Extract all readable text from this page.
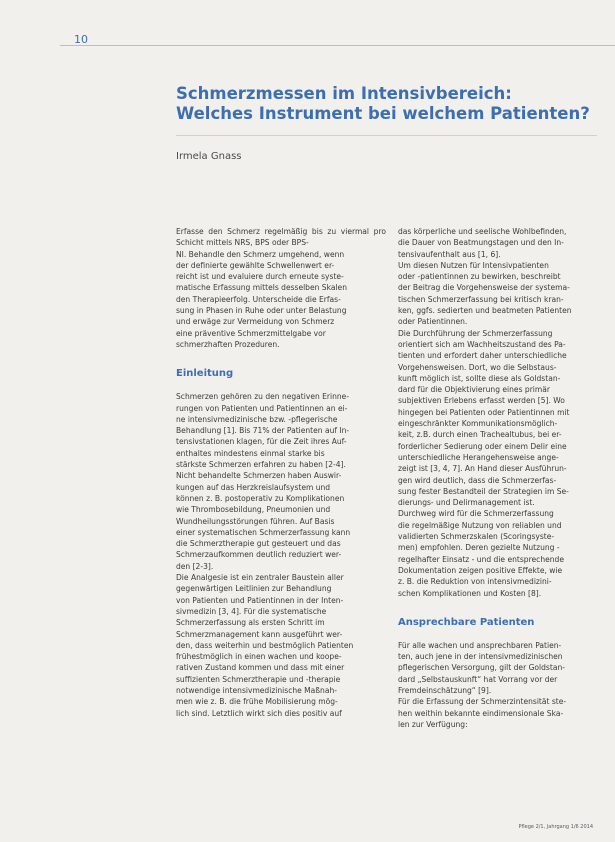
10
Schmerzmessen im Intensivbereich:
Welches Instrument bei welchem Patienten?
Irmela Gnass

Erfasse den Schmerz regelmäßig bis zu viermal pro Schicht mittels NRS, BPS oder BPS-
NI. Behandle den Schmerz umgehend, wenn
der definierte gewählte Schwellenwert er-
reicht ist und evaluiere durch erneute syste-
matische Erfassung mittels desselben Skalen
den Therapieerfolg. Unterscheide die Erfas-
sung in Phasen in Ruhe oder unter Belastung
und erwäge zur Vermeidung von Schmerz
eine präventive Schmerzmittelgabe vor
schmerzhaften Prozeduren.

Einleitung

Schmerzen gehören zu den negativen Erinne-
rungen von Patienten und Patientinnen an ei-
ne intensivmedizinische bzw. -pflegerische
Behandlung [1]. Bis 71% der Patienten auf In-
tensivstationen klagen, für die Zeit ihres Auf-
enthaltes mindestens einmal starke bis
stärkste Schmerzen erfahren zu haben [2-4].
Nicht behandelte Schmerzen haben Auswir-
kungen auf das Herzkreislaufsystem und
können z. B. postoperativ zu Komplikationen
wie Thrombosebildung, Pneumonien und
Wundheilungsstörungen führen. Auf Basis
einer systematischen Schmerzerfassung kann
die Schmerztherapie gut gesteuert und das
Schmerzaufkommen deutlich reduziert wer-
den [2-3].

Die Analgesie ist ein zentraler Baustein aller
gegenwärtigen Leitlinien zur Behandlung
von Patienten und Patientinnen in der Inten-
sivmedizin [3, 4]. Für die systematische
Schmerzerfassung als ersten Schritt im
Schmerzmanagement kann ausgeführt wer-
den, dass weiterhin und bestmöglich Patienten
frühestmöglich in einen wachen und koope-
rativen Zustand kommen und dass mit einer
suffizienten Schmerztherapie und -therapie
notwendige intensivmedizinische Maßnah-
men wie z. B. die frühe Mobilisierung mög-
lich sind. Letztlich wirkt sich dies positiv auf

das körperliche und seelische Wohlbefinden,
die Dauer von Beatmungstagen und den In-
tensivaufenthalt aus [1, 6].

Um diesen Nutzen für Intensivpatienten
oder -patientinnen zu bewirken, beschreibt
der Beitrag die Vorgehensweise der systema-
tischen Schmerzerfassung bei kritisch kran-
ken, ggfs. sedierten und beatmeten Patienten
oder Patientinnen.

Die Durchführung der Schmerzerfassung
orientiert sich am Wachheitszustand des Pa-
tienten und erfordert daher unterschiedliche
Vorgehensweisen. Dort, wo die Selbstaus-
kunft möglich ist, sollte diese als Goldstan-
dard für die Objektivierung eines primär
subjektiven Erlebens erfasst werden [5]. Wo
hingegen bei Patienten oder Patientinnen mit
eingeschränkter Kommunikationsmöglich-
keit, z.B. durch einen Trachealtubus, bei er-
forderlicher Sedierung oder einem Delir eine
unterschiedliche Herangehensweise ange-
zeigt ist [3, 4, 7]. An Hand dieser Ausführun-
gen wird deutlich, dass die Schmerzerfas-
sung fester Bestandteil der Strategien im Se-
dierungs- und Delirmanagement ist.

Durchweg wird für die Schmerzerfassung
die regelmäßige Nutzung von reliablen und
validierten Schmerzskalen (Scoringsyste-
men) empfohlen. Deren gezielte Nutzung -
regelhafter Einsatz - und die entsprechende
Dokumentation zeigen positive Effekte, wie
z. B. die Reduktion von intensivmedizini-
schen Komplikationen und Kosten [8].

Ansprechbare Patienten

Für alle wachen und ansprechbaren Patien-
ten, auch jene in der intensivmedizinischen
pflegerischen Versorgung, gilt der Goldstan-
dard „Selbstauskunft“ hat Vorrang vor der
Fremdeinschätzung“ [9].

Für die Erfassung der Schmerzintensität ste-
hen weithin bekannte eindimensionale Ska-
len zur Verfügung:

Pflege 2/1, Jahrgang 1/6 2014
